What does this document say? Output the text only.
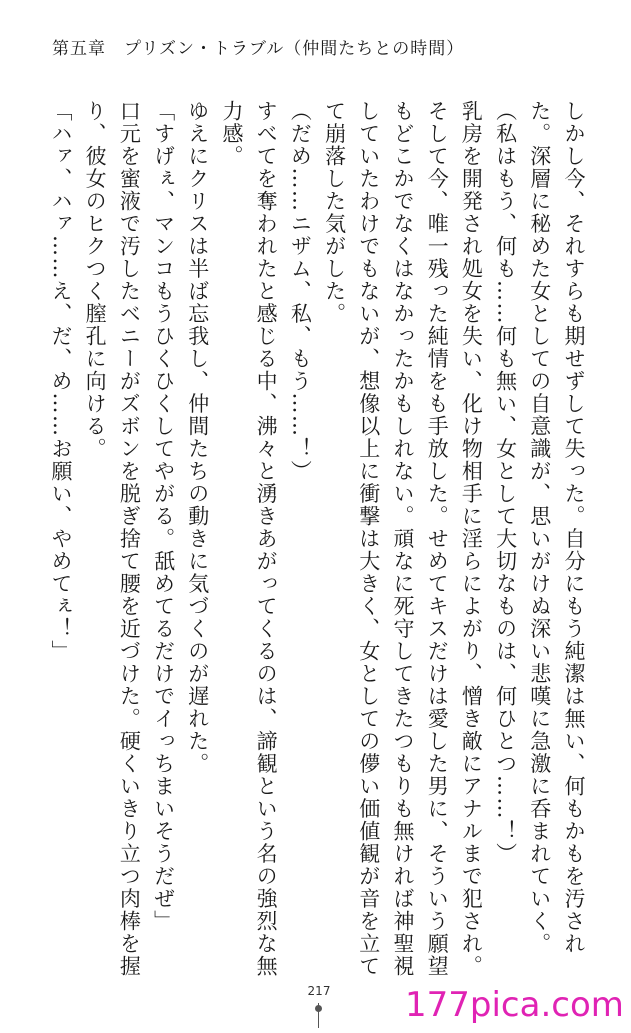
第五章　プリズン・トラブル（仲間たちとの時間）

しかし今、それすらも期せずして失った。自分にもう純潔は無い、何もかもを汚された。深層に秘めた女としての自意識が、思いがけぬ深い悲嘆に急激に呑まれていく。

（私はもう、何も……何も無い、女として大切なものは、何ひとつ……！）

乳房を開発され処女を失い、化け物相手に淫らによがり、憎き敵にアナルまで犯され。

そして今、唯一残った純情をも手放した。せめてキスだけは愛した男に、そういう願望もどこかでなくはなかったかもしれない。頑なに死守してきたつもりも無ければ神聖視していたわけでもないが、想像以上に衝撃は大きく、女としての儚い価値観が音を立てて崩落した気がした。

（だめ……ニザム、私、もう……！）

すべてを奪われたと感じる中、沸々と湧きあがってくるのは、諦観という名の強烈な無力感。

ゆえにクリスは半ば忘我し、仲間たちの動きに気づくのが遅れた。

「すげぇ、マンコもうひくひくしてやがる。舐めてるだけでイっちまいそうだぜ」

口元を蜜液で汚したベニーがズボンを脱ぎ捨て腰を近づけた。硬くいきり立つ肉棒を握り、彼女のヒクつく膣孔に向ける。

「ハァ、ハァ……え、だ、め……お願い、やめてぇ！」

217 177pica.com
